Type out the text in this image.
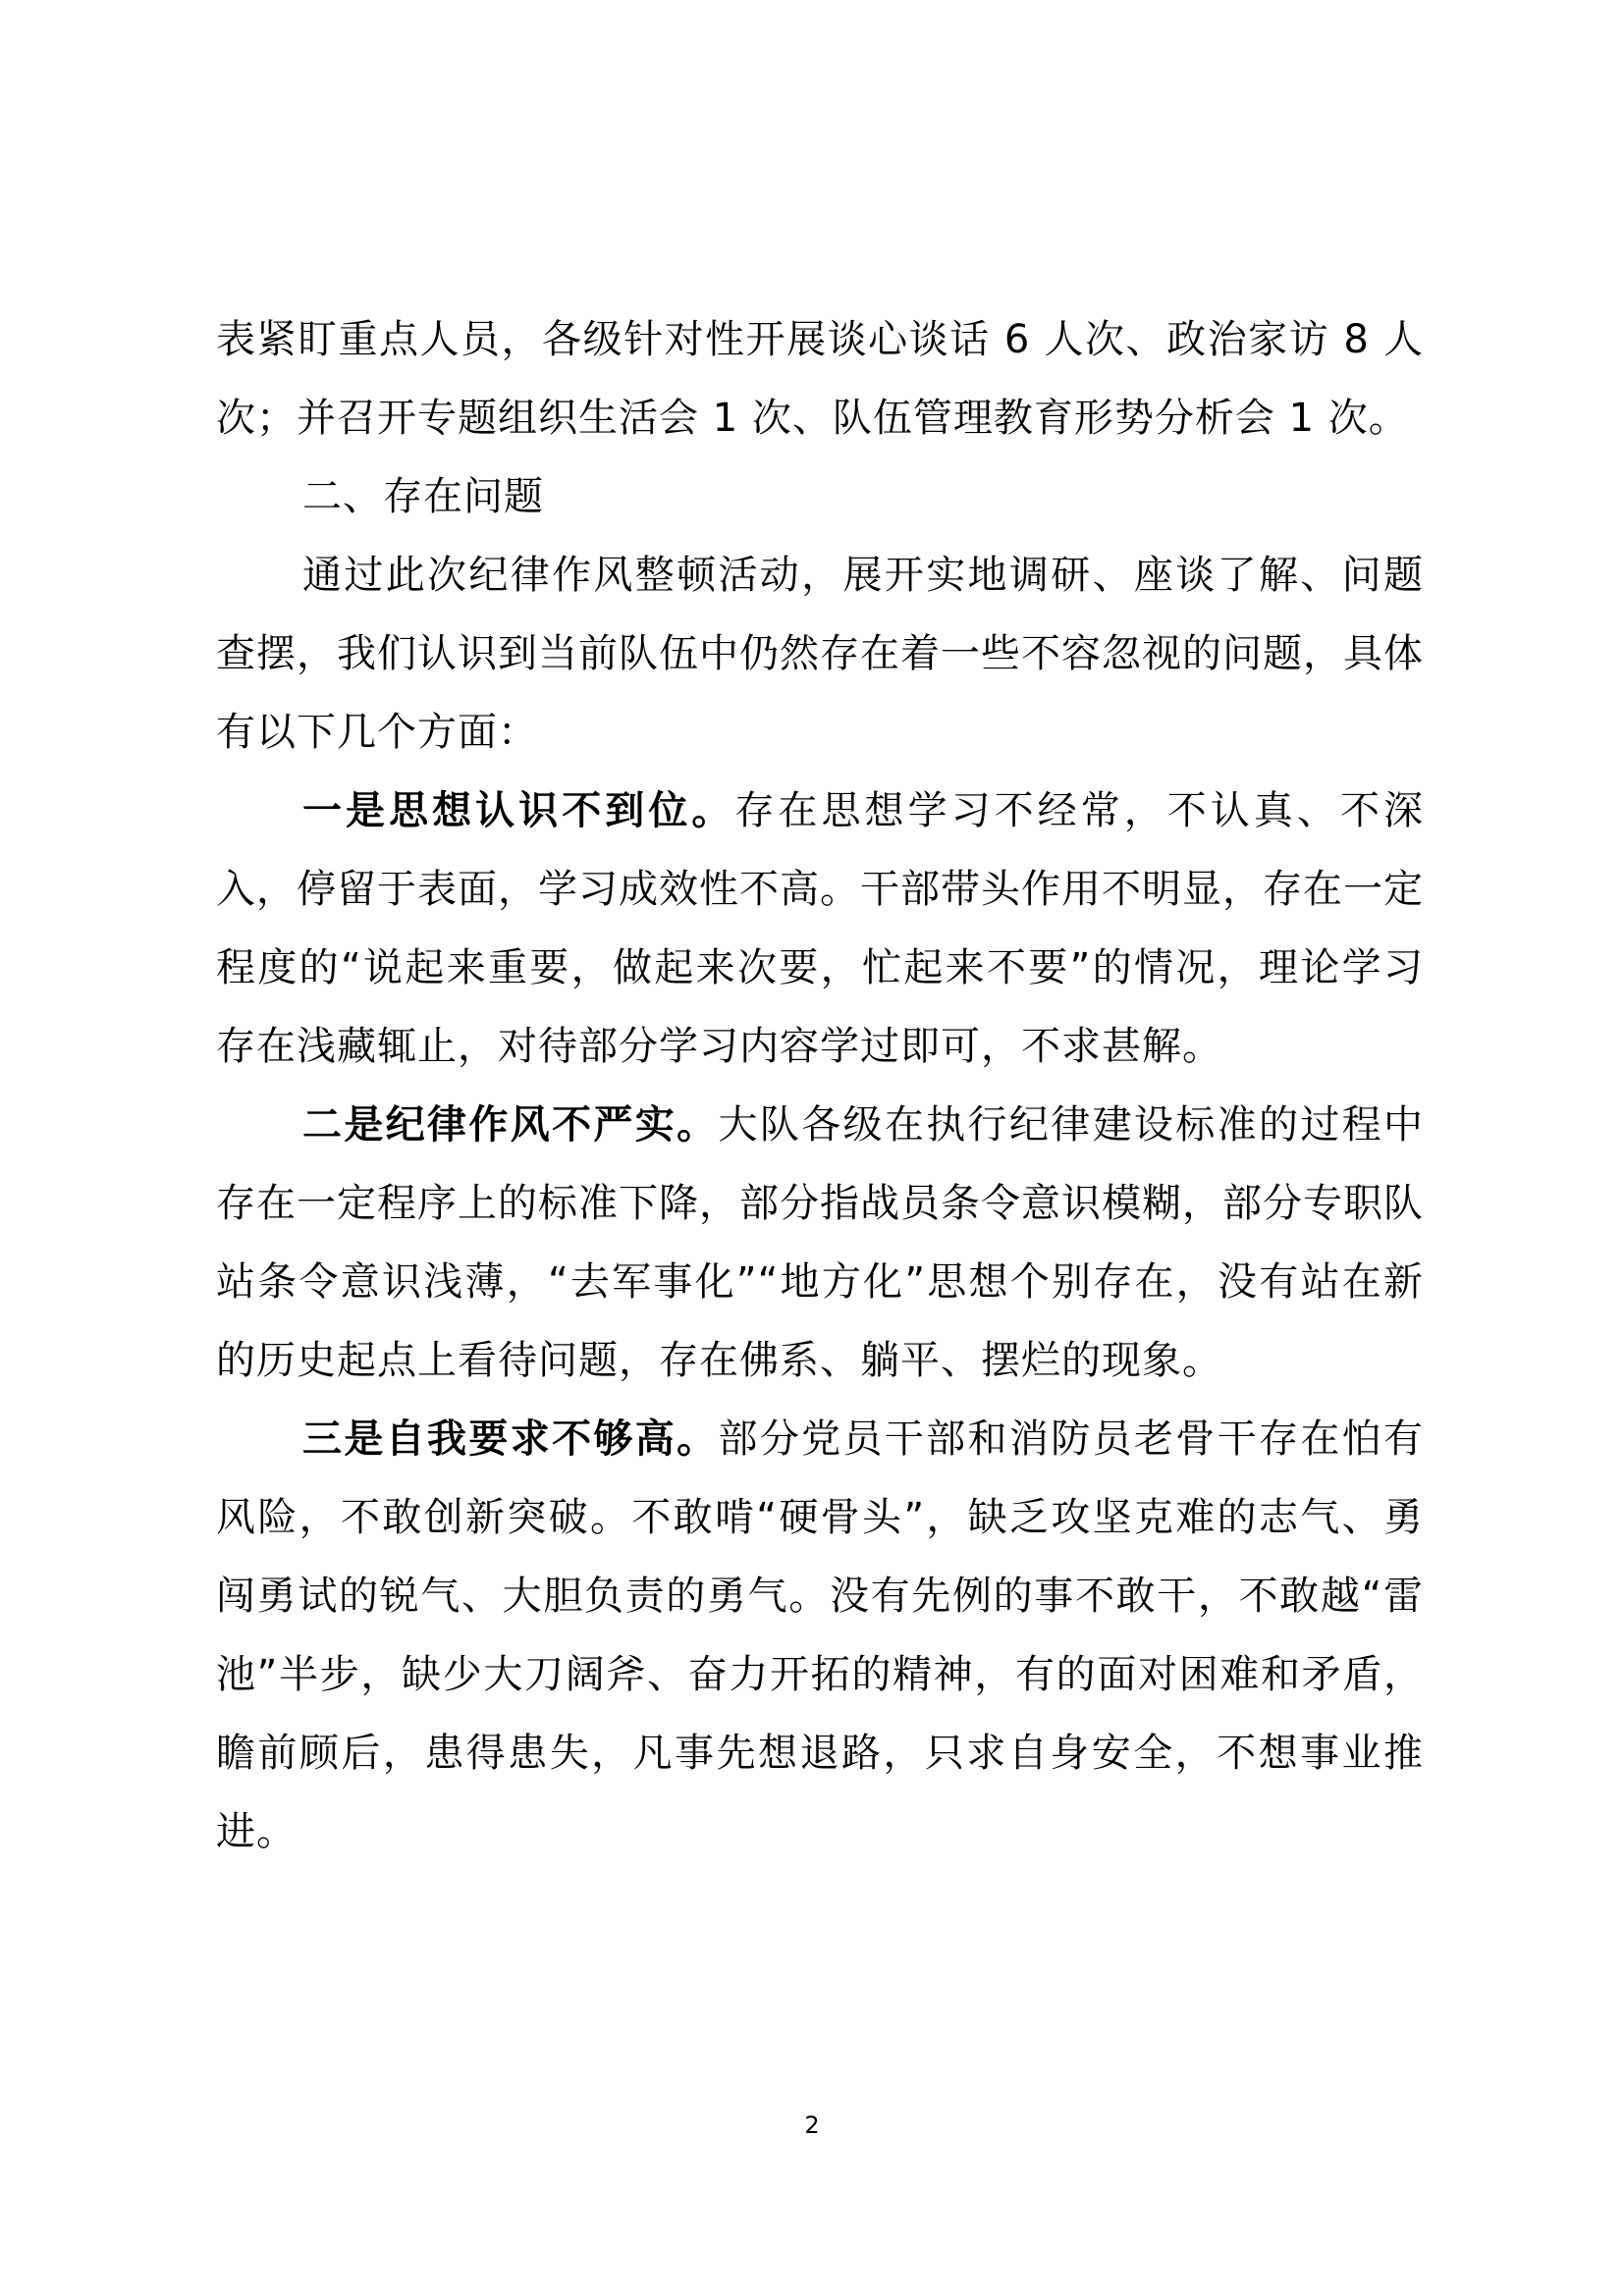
表紧盯重点人员，各级针对性开展谈心谈话 6 人次、政治家访 8 人次；并召开专题组织生活会 1 次、队伍管理教育形势分析会 1 次。

二、存在问题

通过此次纪律作风整顿活动，展开实地调研、座谈了解、问题查摆，我们认识到当前队伍中仍然存在着一些不容忽视的问题，具体有以下几个方面：

一是思想认识不到位。存在思想学习不经常，不认真、不深入，停留于表面，学习成效性不高。干部带头作用不明显，存在一定程度的“说起来重要，做起来次要，忙起来不要”的情况，理论学习存在浅藏辄止，对待部分学习内容学过即可，不求甚解。

二是纪律作风不严实。大队各级在执行纪律建设标准的过程中存在一定程序上的标准下降，部分指战员条令意识模糊，部分专职队站条令意识浅薄，“去军事化”“地方化”思想个别存在，没有站在新的历史起点上看待问题，存在佛系、躺平、摆烂的现象。

三是自我要求不够高。部分党员干部和消防员老骨干存在怕有风险，不敢创新突破。不敢啃“硬骨头”，缺乏攻坚克难的志气、勇闯勇试的锐气、大胆负责的勇气。没有先例的事不敢干，不敢越“雷池”半步，缺少大刀阔斧、奋力开拓的精神，有的面对困难和矛盾，瞻前顾后，患得患失，凡事先想退路，只求自身安全，不想事业推进。

2
